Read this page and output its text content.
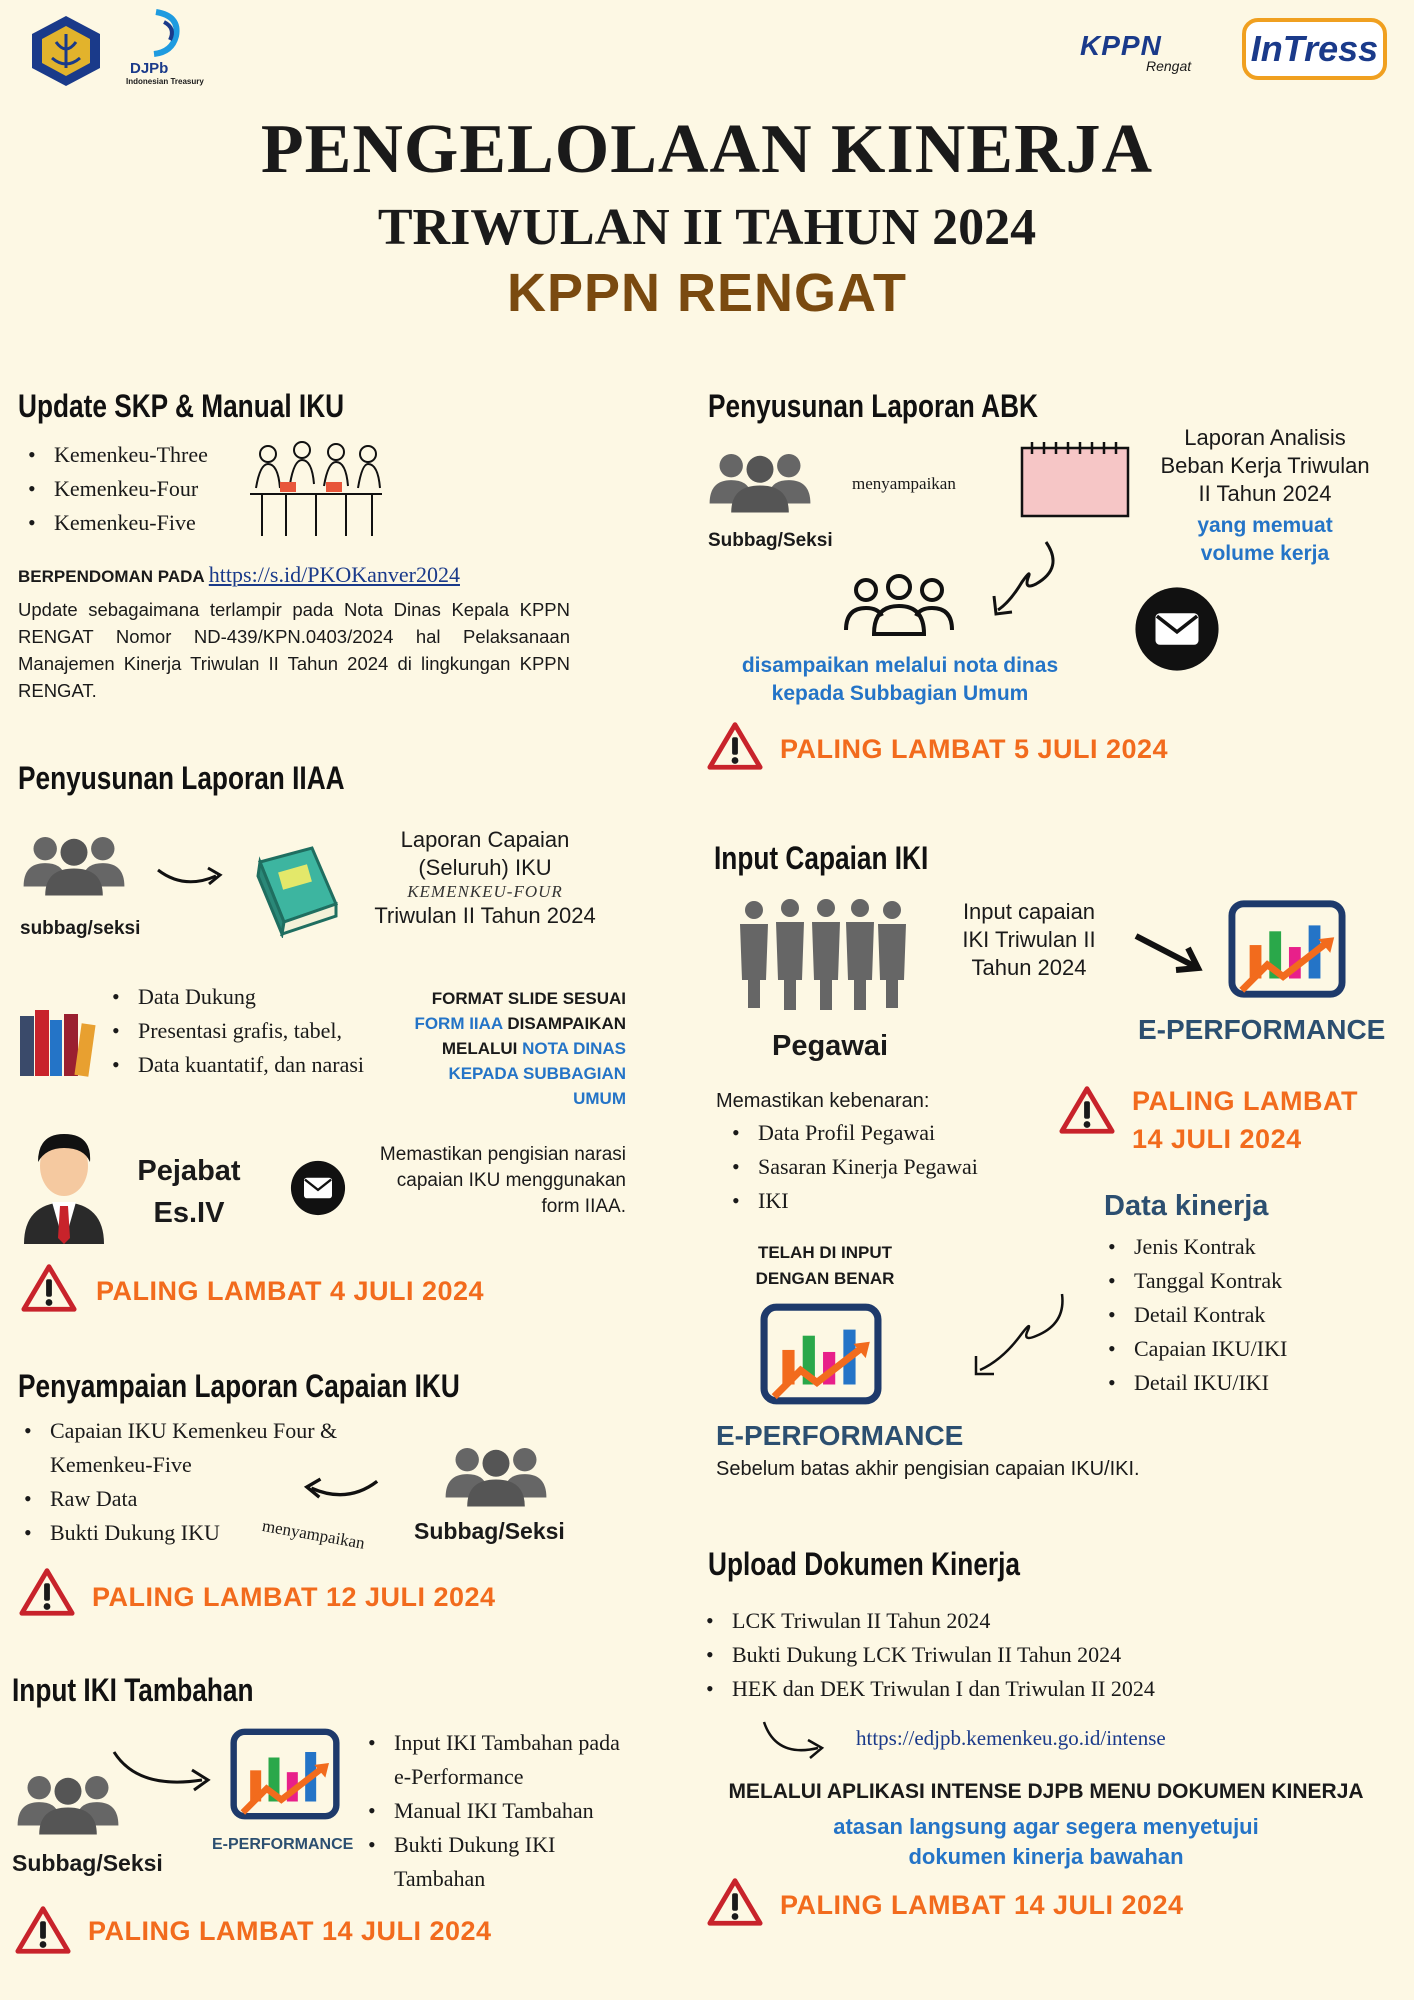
DJPb
Indonesian Treasury
KPPN
Rengat	InTress
PENGELOLAAN KINERJA
TRIWULAN II TAHUN 2024
KPPN RENGAT
Update SKP & Manual IKU
• Kemenkeu-Three
• Kemenkeu-Four
• Kemenkeu-Five
BERPENDOMAN PADA https://s.id/PKOKanver2024
Update sebagaimana terlampir pada Nota Dinas Kepala KPPN RENGAT Nomor ND-439/KPN.0403/2024 hal Pelaksanaan Manajemen Kinerja Triwulan II Tahun 2024 di lingkungan KPPN RENGAT.
Penyusunan Laporan IIAA
subbag/seksi
Laporan Capaian
(Seluruh) IKU
KEMENKEU-FOUR
Triwulan II Tahun 2024
• Data Dukung
• Presentasi grafis, tabel,
• Data kuantatif, dan narasi
FORMAT SLIDE SESUAI
FORM IIAA DISAMPAIKAN
MELALUI NOTA DINAS
KEPADA SUBBAGIAN
UMUM
Pejabat
Es.IV
Memastikan pengisian narasi capaian IKU menggunakan form IIAA.
PALING LAMBAT 4 JULI 2024
Penyampaian Laporan Capaian IKU
• Capaian IKU Kemenkeu Four & Kemenkeu-Five
• Raw Data
• Bukti Dukung IKU	menyampaikan Subbag/Seksi
PALING LAMBAT 12 JULI 2024
Input IKI Tambahan
Subbag/Seksi
E-PERFORMANCE
• Input IKI Tambahan pada e-Performance
• Manual IKI Tambahan
• Bukti Dukung IKI Tambahan
PALING LAMBAT 14 JULI 2024
Penyusunan Laporan ABK
Subbag/Seksi
menyampaikan
Laporan Analisis
Beban Kerja Triwulan
II Tahun 2024
yang memuat
volume kerja
disampaikan melalui nota dinas
kepada Subbagian Umum
PALING LAMBAT 5 JULI 2024
Input Capaian IKI
Pegawai
Input capaian
IKI Triwulan II
Tahun 2024
E-PERFORMANCE
Memastikan kebenaran:
• Data Profil Pegawai
• Sasaran Kinerja Pegawai
• IKI
PALING LAMBAT
14 JULI 2024
Data kinerja
• Jenis Kontrak
• Tanggal Kontrak
• Detail Kontrak
• Capaian IKU/IKI
• Detail IKU/IKI
TELAH DI INPUT
DENGAN BENAR
E-PERFORMANCE
Sebelum batas akhir pengisian capaian IKU/IKI.
Upload Dokumen Kinerja
• LCK Triwulan II Tahun 2024
• Bukti Dukung LCK Triwulan II Tahun 2024
• HEK dan DEK Triwulan I dan Triwulan II 2024
https://edjpb.kemenkeu.go.id/intense
MELALUI APLIKASI INTENSE DJPB MENU DOKUMEN KINERJA
atasan langsung agar segera menyetujui
dokumen kinerja bawahan
PALING LAMBAT 14 JULI 2024
